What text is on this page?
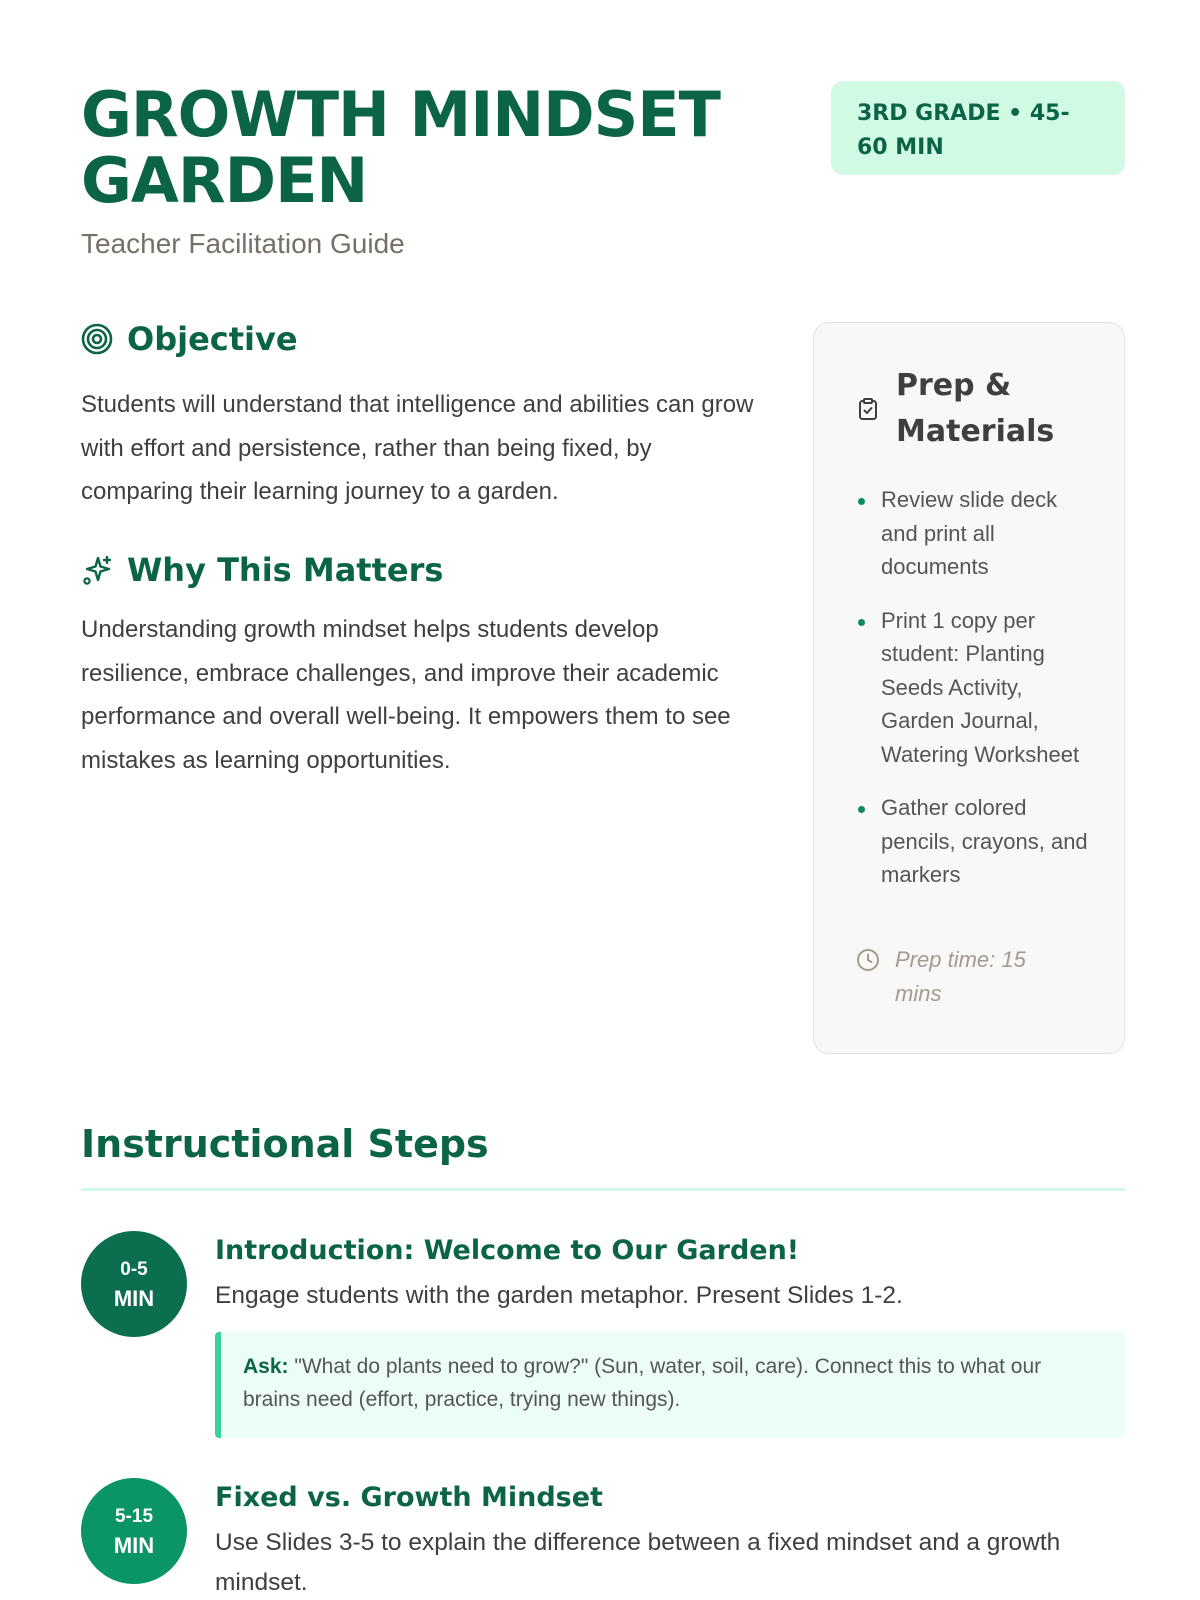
GROWTH MINDSET GARDEN
Teacher Facilitation Guide
3RD GRADE • 45-60 MIN
Objective

Students will understand that intelligence and abilities can grow with effort and persistence, rather than being fixed, by comparing their learning journey to a garden.

Why This Matters

Understanding growth mindset helps students develop resilience, embrace challenges, and improve their academic performance and overall well-being. It empowers them to see mistakes as learning opportunities.

Prep & Materials
Review slide deck and print all documents
Print 1 copy per student: Planting Seeds Activity, Garden Journal, Watering Worksheet
Gather colored pencils, crayons, and markers
Prep time: 15 mins
Instructional Steps
0-5
MIN
Introduction: Welcome to Our Garden!
Engage students with the garden metaphor. Present Slides 1-2.
Ask: "What do plants need to grow?" (Sun, water, soil, care). Connect this to what our brains need (effort, practice, trying new things).
5-15
MIN
Fixed vs. Growth Mindset
Use Slides 3-5 to explain the difference between a fixed mindset and a growth mindset.
